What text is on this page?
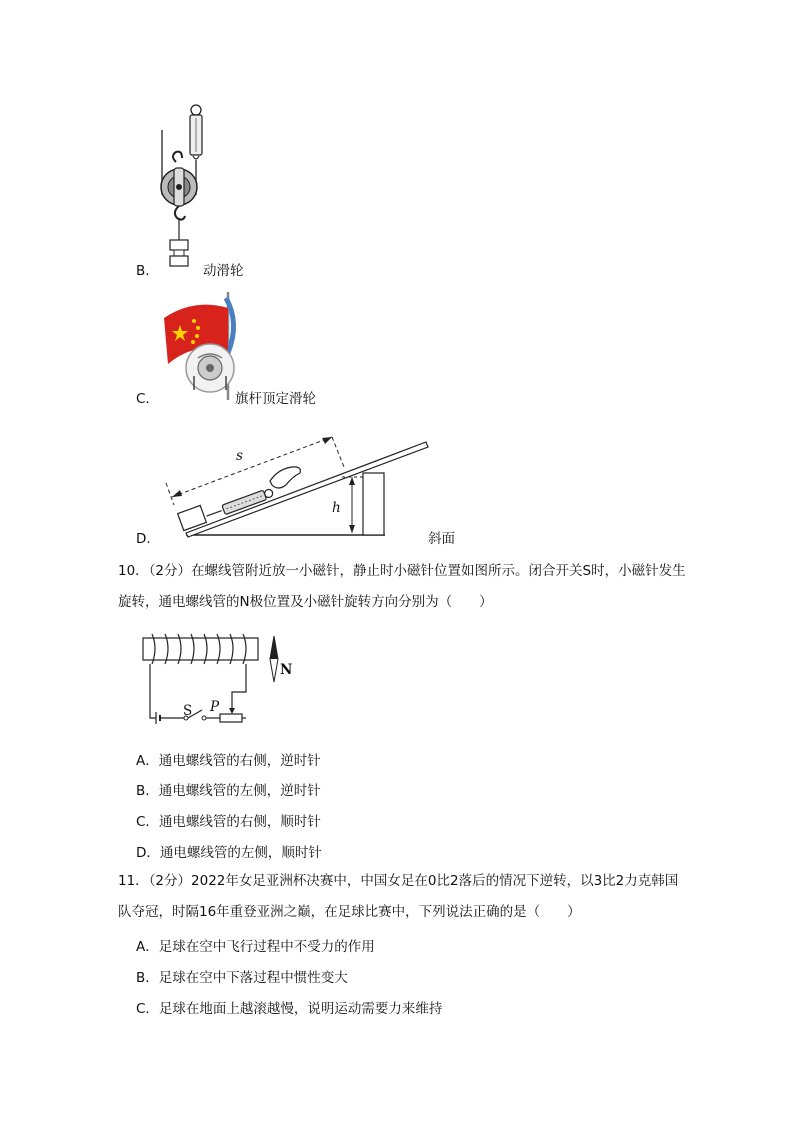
B．	动滑轮
C．	旗杆顶定滑轮
s
h
D．	斜面
10．（2分）在螺线管附近放一小磁针，静止时小磁针位置如图所示。闭合开关S时，小磁针发生旋转，通电螺线管的N极位置及小磁针旋转方向分别为（　　）
S P
N
A．通电螺线管的右侧，逆时针
B．通电螺线管的左侧，逆时针
C．通电螺线管的右侧，顺时针
D．通电螺线管的左侧，顺时针
11．（2分）2022年女足亚洲杯决赛中，中国女足在0比2落后的情况下逆转，以3比2力克韩国队夺冠，时隔16年重登亚洲之巅，在足球比赛中，下列说法正确的是（　　）
A．足球在空中飞行过程中不受力的作用
B．足球在空中下落过程中惯性变大
C．足球在地面上越滚越慢，说明运动需要力来维持
